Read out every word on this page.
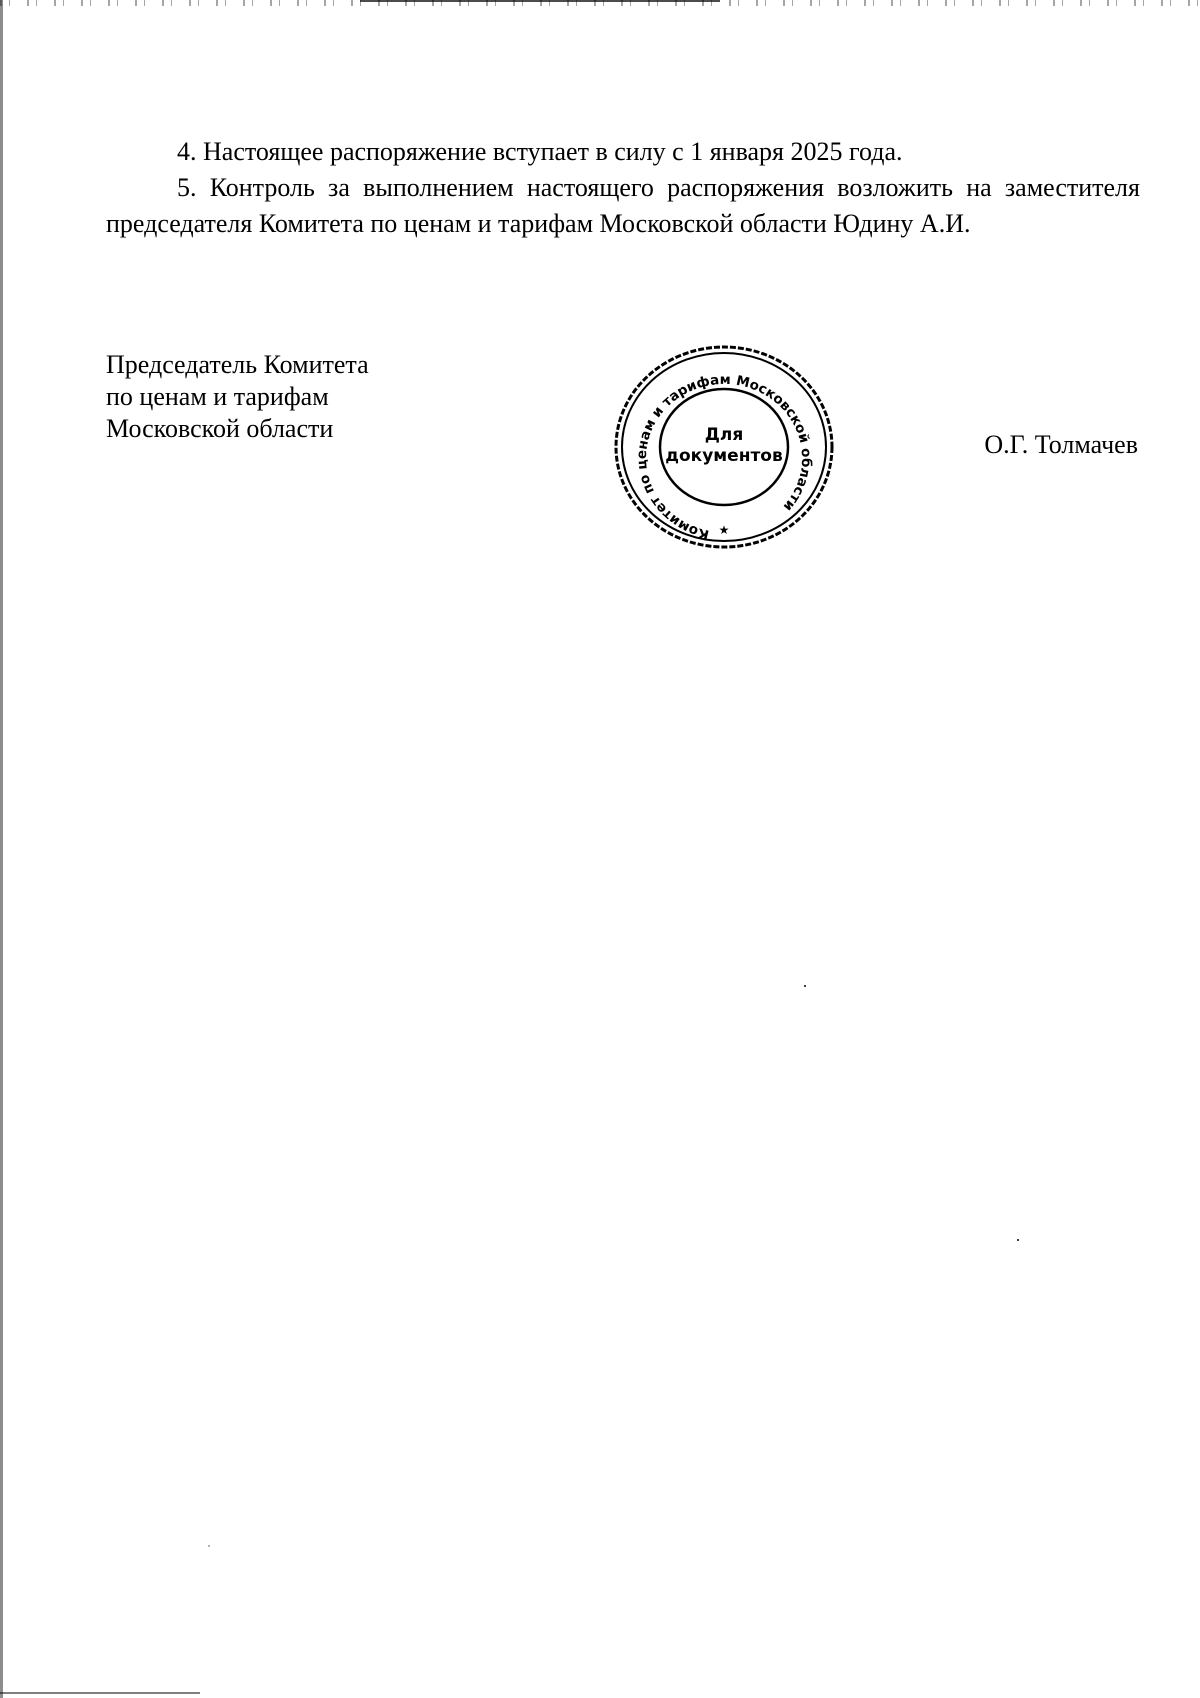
4. Настоящее распоряжение вступает в силу с 1 января 2025 года.

5. Контроль за выполнением настоящего распоряжения возложить на заместителя председателя Комитета по ценам и тарифам Московской области Юдину А.И.

Председатель Комитета
по ценам и тарифам
Московской области
Комитет по ценам и тарифам Московской области
Для
документов
★
О.Г. Толмачев
